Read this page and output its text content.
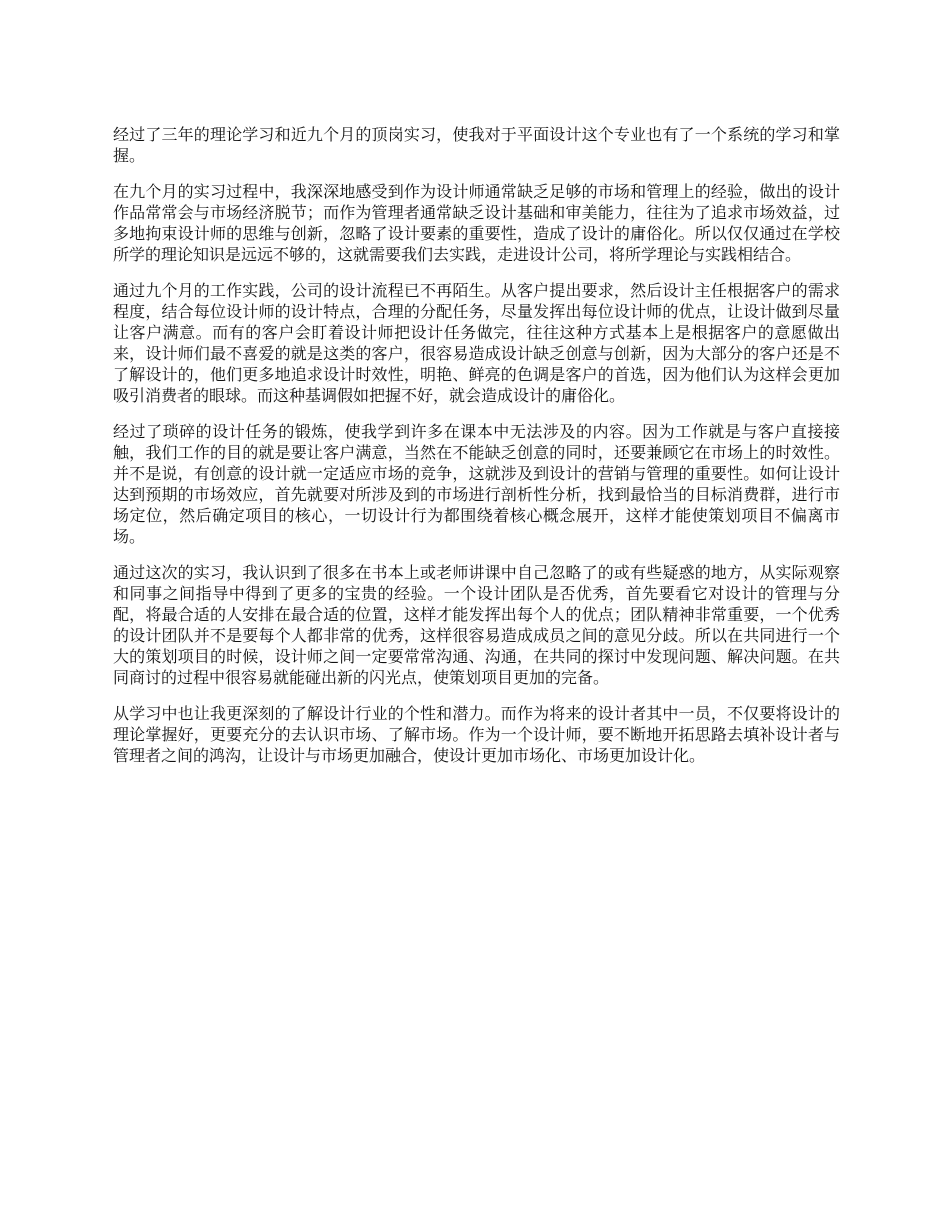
经过了三年的理论学习和近九个月的顶岗实习，使我对于平面设计这个专业也有了一个系统的学习和掌握。

在九个月的实习过程中，我深深地感受到作为设计师通常缺乏足够的市场和管理上的经验，做出的设计作品常常会与市场经济脱节；而作为管理者通常缺乏设计基础和审美能力，往往为了追求市场效益，过多地拘束设计师的思维与创新，忽略了设计要素的重要性，造成了设计的庸俗化。所以仅仅通过在学校所学的理论知识是远远不够的，这就需要我们去实践，走进设计公司，将所学理论与实践相结合。

通过九个月的工作实践，公司的设计流程已不再陌生。从客户提出要求，然后设计主任根据客户的需求程度，结合每位设计师的设计特点，合理的分配任务，尽量发挥出每位设计师的优点，让设计做到尽量让客户满意。而有的客户会盯着设计师把设计任务做完，往往这种方式基本上是根据客户的意愿做出来，设计师们最不喜爱的就是这类的客户，很容易造成设计缺乏创意与创新，因为大部分的客户还是不了解设计的，他们更多地追求设计时效性，明艳、鲜亮的色调是客户的首选，因为他们认为这样会更加吸引消费者的眼球。而这种基调假如把握不好，就会造成设计的庸俗化。

经过了琐碎的设计任务的锻炼，使我学到许多在课本中无法涉及的内容。因为工作就是与客户直接接触，我们工作的目的就是要让客户满意，当然在不能缺乏创意的同时，还要兼顾它在市场上的时效性。并不是说，有创意的设计就一定适应市场的竞争，这就涉及到设计的营销与管理的重要性。如何让设计达到预期的市场效应，首先就要对所涉及到的市场进行剖析性分析，找到最恰当的目标消费群，进行市场定位，然后确定项目的核心，一切设计行为都围绕着核心概念展开，这样才能使策划项目不偏离市场。

通过这次的实习，我认识到了很多在书本上或老师讲课中自己忽略了的或有些疑惑的地方，从实际观察和同事之间指导中得到了更多的宝贵的经验。一个设计团队是否优秀，首先要看它对设计的管理与分配，将最合适的人安排在最合适的位置，这样才能发挥出每个人的优点；团队精神非常重要，一个优秀的设计团队并不是要每个人都非常的优秀，这样很容易造成成员之间的意见分歧。所以在共同进行一个大的策划项目的时候，设计师之间一定要常常沟通、沟通，在共同的探讨中发现问题、解决问题。在共同商讨的过程中很容易就能碰出新的闪光点，使策划项目更加的完备。

从学习中也让我更深刻的了解设计行业的个性和潜力。而作为将来的设计者其中一员，不仅要将设计的理论掌握好，更要充分的去认识市场、了解市场。作为一个设计师，要不断地开拓思路去填补设计者与管理者之间的鸿沟，让设计与市场更加融合，使设计更加市场化、市场更加设计化。
